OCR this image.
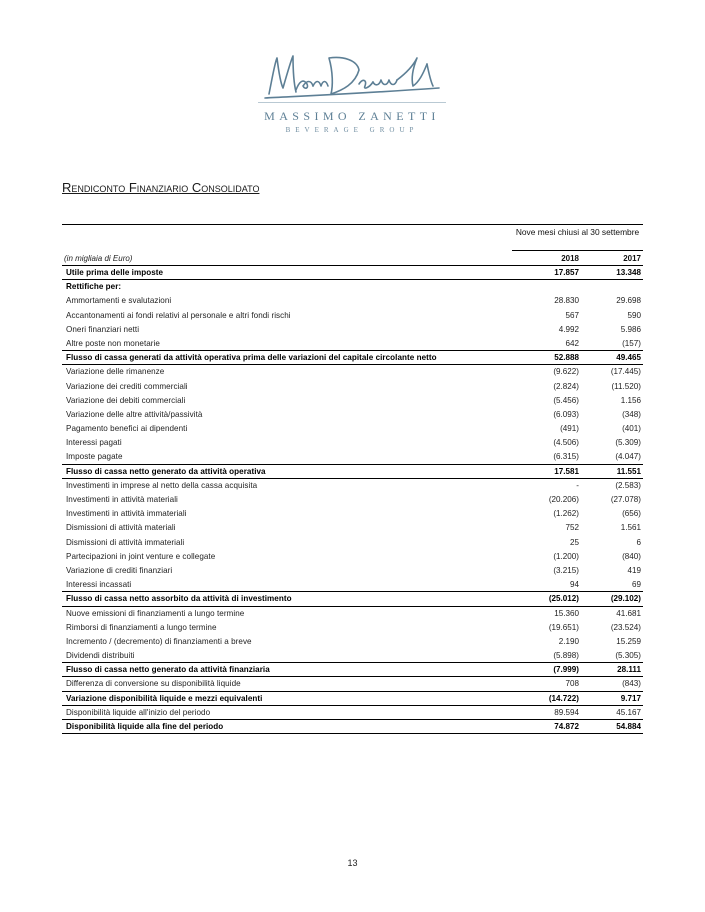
MASSIMO ZANETTI
BEVERAGE GROUP
Rendiconto Finanziario Consolidato
Nove mesi chiusi al 30 settembre
(in migliaia di Euro)	2018	2017
Utile prima delle imposte	17.857	13.348
Rettifiche per:
Ammortamenti e svalutazioni	28.830	29.698
Accantonamenti ai fondi relativi al personale e altri fondi rischi	567	590
Oneri finanziari netti	4.992	5.986
Altre poste non monetarie	642	(157)
Flusso di cassa generati da attività operativa prima delle variazioni del capitale circolante netto	52.888	49.465
Variazione delle rimanenze	(9.622)	(17.445)
Variazione dei crediti commerciali	(2.824)	(11.520)
Variazione dei debiti commerciali	(5.456)	1.156
Variazione delle altre attività/passività	(6.093)	(348)
Pagamento benefici ai dipendenti	(491)	(401)
Interessi pagati	(4.506)	(5.309)
Imposte pagate	(6.315)	(4.047)
Flusso di cassa netto generato da attività operativa	17.581	11.551
Investimenti in imprese al netto della cassa acquisita	-	(2.583)
Investimenti in attività materiali	(20.206)	(27.078)
Investimenti in attività immateriali	(1.262)	(656)
Dismissioni di attività materiali	752	1.561
Dismissioni di attività immateriali	25	6
Partecipazioni in joint venture e collegate	(1.200)	(840)
Variazione di crediti finanziari	(3.215)	419
Interessi incassati	94	69
Flusso di cassa netto assorbito da attività di investimento	(25.012)	(29.102)
Nuove emissioni di finanziamenti a lungo termine	15.360	41.681
Rimborsi di finanziamenti a lungo termine	(19.651)	(23.524)
Incremento / (decremento) di finanziamenti a breve	2.190	15.259
Dividendi distribuiti	(5.898)	(5.305)
Flusso di cassa netto generato da attività finanziaria	(7.999)	28.111
Differenza di conversione su disponibilità liquide	708	(843)
Variazione disponibilità liquide e mezzi equivalenti	(14.722)	9.717
Disponibilità liquide all'inizio del periodo	89.594	45.167
Disponibilità liquide alla fine del periodo	74.872	54.884
13
